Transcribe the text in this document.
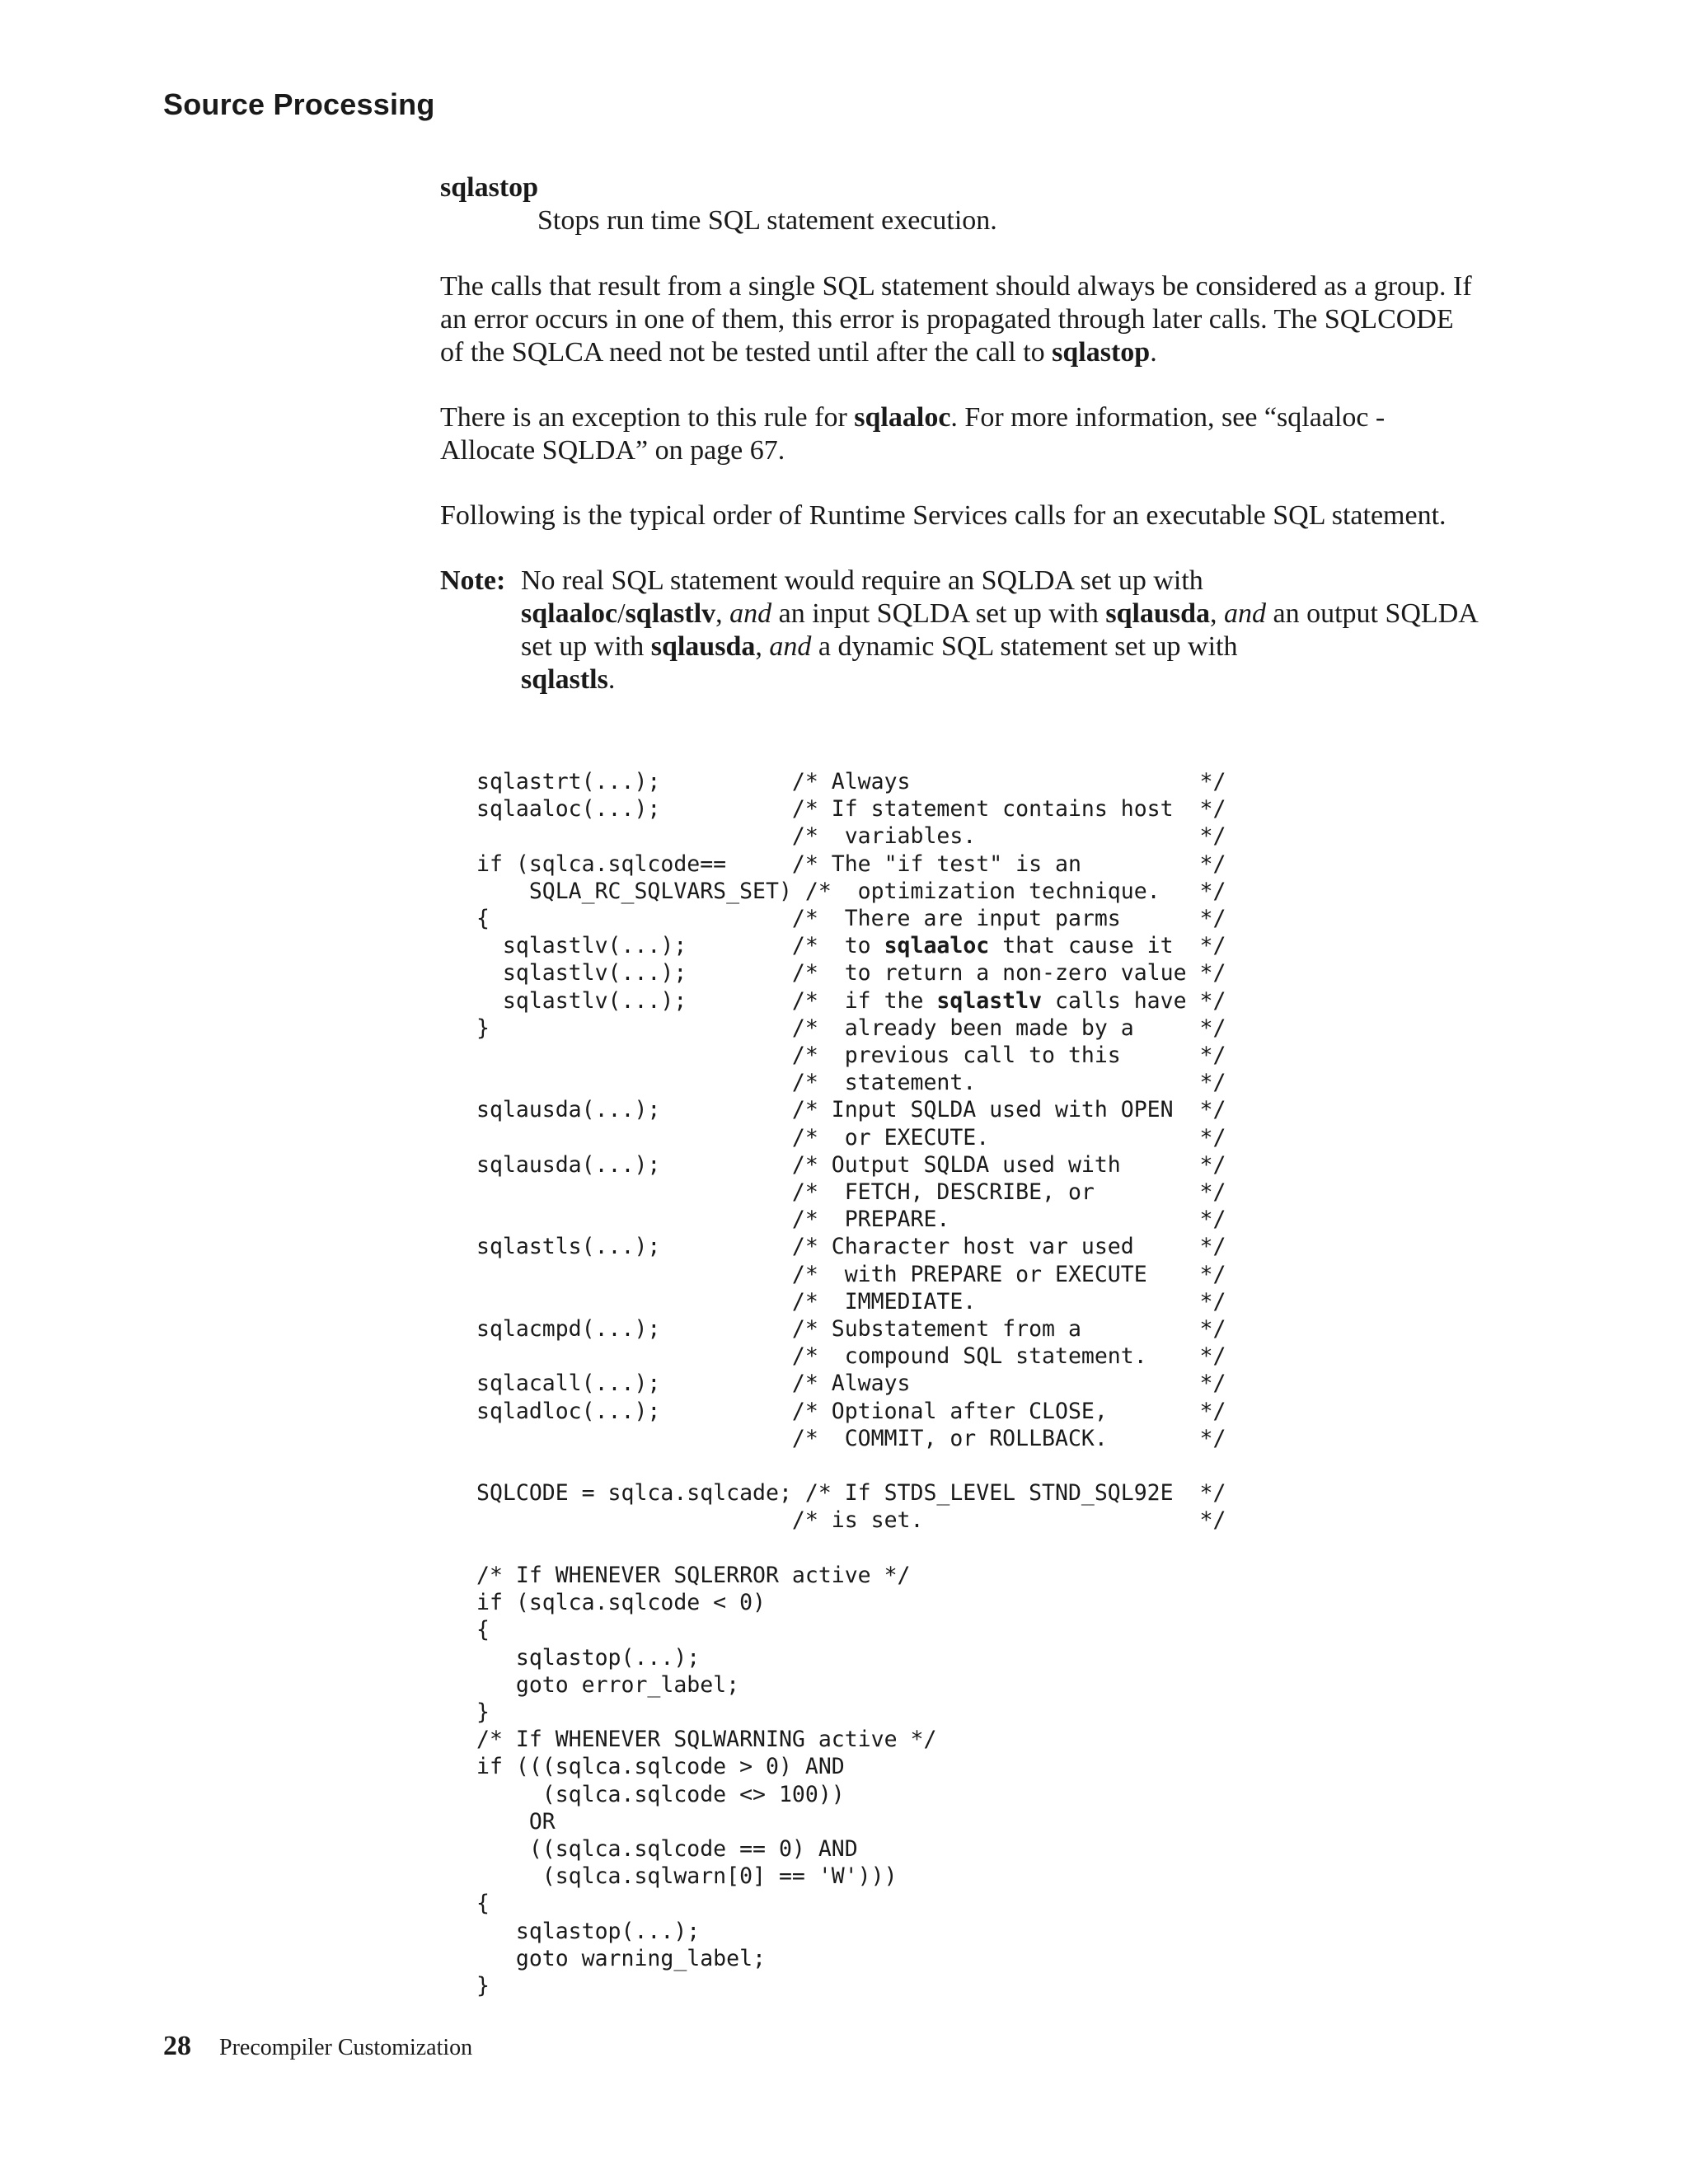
Source Processing
sqlastop
Stops run time SQL statement execution.

The calls that result from a single SQL statement should always be considered as a group. If an error occurs in one of them, this error is propagated through later calls. The SQLCODE of the SQLCA need not be tested until after the call to sqlastop.

There is an exception to this rule for sqlaaloc. For more information, see “sqlaaloc - Allocate SQLDA” on page 67.

Following is the typical order of Runtime Services calls for an executable SQL statement.

Note: No real SQL statement would require an SQLDA set up with
sqlaaloc/sqlastlv, and an input SQLDA set up with sqlausda, and an output SQLDA set up with sqlausda, and a dynamic SQL statement set up with
sqlastls.
sqlastrt(...);          /* Always                      */
sqlaaloc(...);          /* If statement contains host  */
/*  variables.                 */
if (sqlca.sqlcode==     /* The "if test" is an         */
SQLA_RC_SQLVARS_SET) /*  optimization technique.   */
{                       /*  There are input parms      */
sqlastlv(...);        /*  to sqlaaloc that cause it  */
sqlastlv(...);        /*  to return a non-zero value */
sqlastlv(...);        /*  if the sqlastlv calls have */
}                       /*  already been made by a     */
/*  previous call to this      */
/*  statement.                 */
sqlausda(...);          /* Input SQLDA used with OPEN  */
/*  or EXECUTE.                */
sqlausda(...);          /* Output SQLDA used with      */
/*  FETCH, DESCRIBE, or        */
/*  PREPARE.                   */
sqlastls(...);          /* Character host var used     */
/*  with PREPARE or EXECUTE    */
/*  IMMEDIATE.                 */
sqlacmpd(...);          /* Substatement from a         */
/*  compound SQL statement.    */
sqlacall(...);          /* Always                      */
sqladloc(...);          /* Optional after CLOSE,       */
/*  COMMIT, or ROLLBACK.       */

SQLCODE = sqlca.sqlcade; /* If STDS_LEVEL STND_SQL92E  */
/* is set.                     */

/* If WHENEVER SQLERROR active */
if (sqlca.sqlcode < 0)
{
sqlastop(...);
goto error_label;
}
/* If WHENEVER SQLWARNING active */
if (((sqlca.sqlcode > 0) AND
(sqlca.sqlcode <> 100))
OR
((sqlca.sqlcode == 0) AND
(sqlca.sqlwarn[0] == 'W')))
{
sqlastop(...);
goto warning_label;
}
28 Precompiler Customization
